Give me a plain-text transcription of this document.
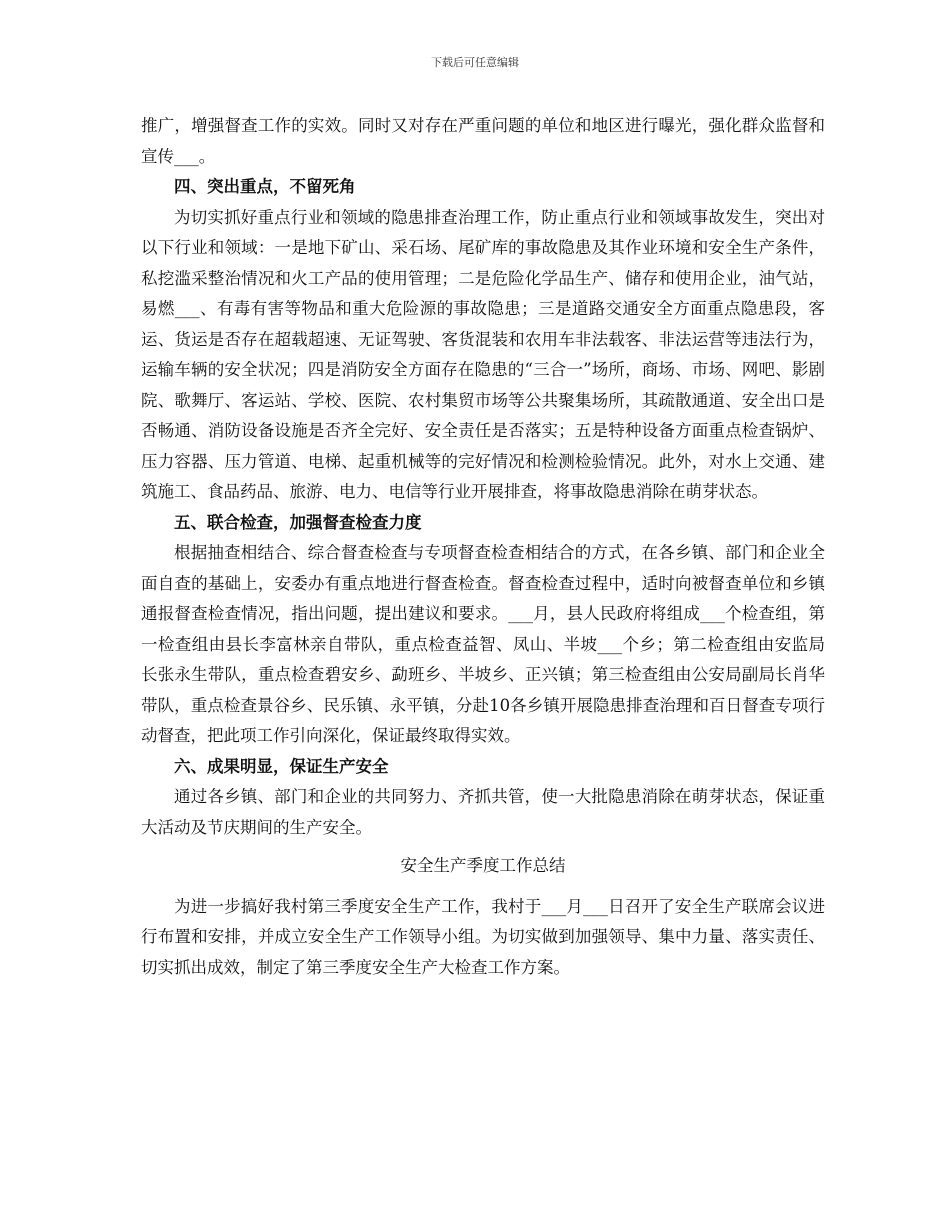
下载后可任意编辑

推广，增强督查工作的实效。同时又对存在严重问题的单位和地区进行曝光，强化群众监督和宣传___。

四、突出重点，不留死角

为切实抓好重点行业和领域的隐患排查治理工作，防止重点行业和领域事故发生，突出对以下行业和领域：一是地下矿山、采石场、尾矿库的事故隐患及其作业环境和安全生产条件，私挖滥采整治情况和火工产品的使用管理；二是危险化学品生产、储存和使用企业，油气站，易燃___、有毒有害等物品和重大危险源的事故隐患；三是道路交通安全方面重点隐患段，客运、货运是否存在超载超速、无证驾驶、客货混装和农用车非法载客、非法运营等违法行为，运输车辆的安全状况；四是消防安全方面存在隐患的“三合一”场所，商场、市场、网吧、影剧院、歌舞厅、客运站、学校、医院、农村集贸市场等公共聚集场所，其疏散通道、安全出口是否畅通、消防设备设施是否齐全完好、安全责任是否落实；五是特种设备方面重点检查锅炉、压力容器、压力管道、电梯、起重机械等的完好情况和检测检验情况。此外，对水上交通、建筑施工、食品药品、旅游、电力、电信等行业开展排查，将事故隐患消除在萌芽状态。

五、联合检查，加强督查检查力度

根据抽查相结合、综合督查检查与专项督查检查相结合的方式，在各乡镇、部门和企业全面自查的基础上，安委办有重点地进行督查检查。督查检查过程中，适时向被督查单位和乡镇通报督查检查情况，指出问题，提出建议和要求。___月，县人民政府将组成___个检查组，第一检查组由县长李富林亲自带队，重点检查益智、凤山、半坡___个乡；第二检查组由安监局长张永生带队，重点检查碧安乡、勐班乡、半坡乡、正兴镇；第三检查组由公安局副局长肖华带队，重点检查景谷乡、民乐镇、永平镇，分赴10各乡镇开展隐患排查治理和百日督查专项行动督查，把此项工作引向深化，保证最终取得实效。

六、成果明显，保证生产安全

通过各乡镇、部门和企业的共同努力、齐抓共管，使一大批隐患消除在萌芽状态，保证重大活动及节庆期间的生产安全。

安全生产季度工作总结

为进一步搞好我村第三季度安全生产工作，我村于___月___日召开了安全生产联席会议进行布置和安排，并成立安全生产工作领导小组。为切实做到加强领导、集中力量、落实责任、切实抓出成效，制定了第三季度安全生产大检查工作方案。
